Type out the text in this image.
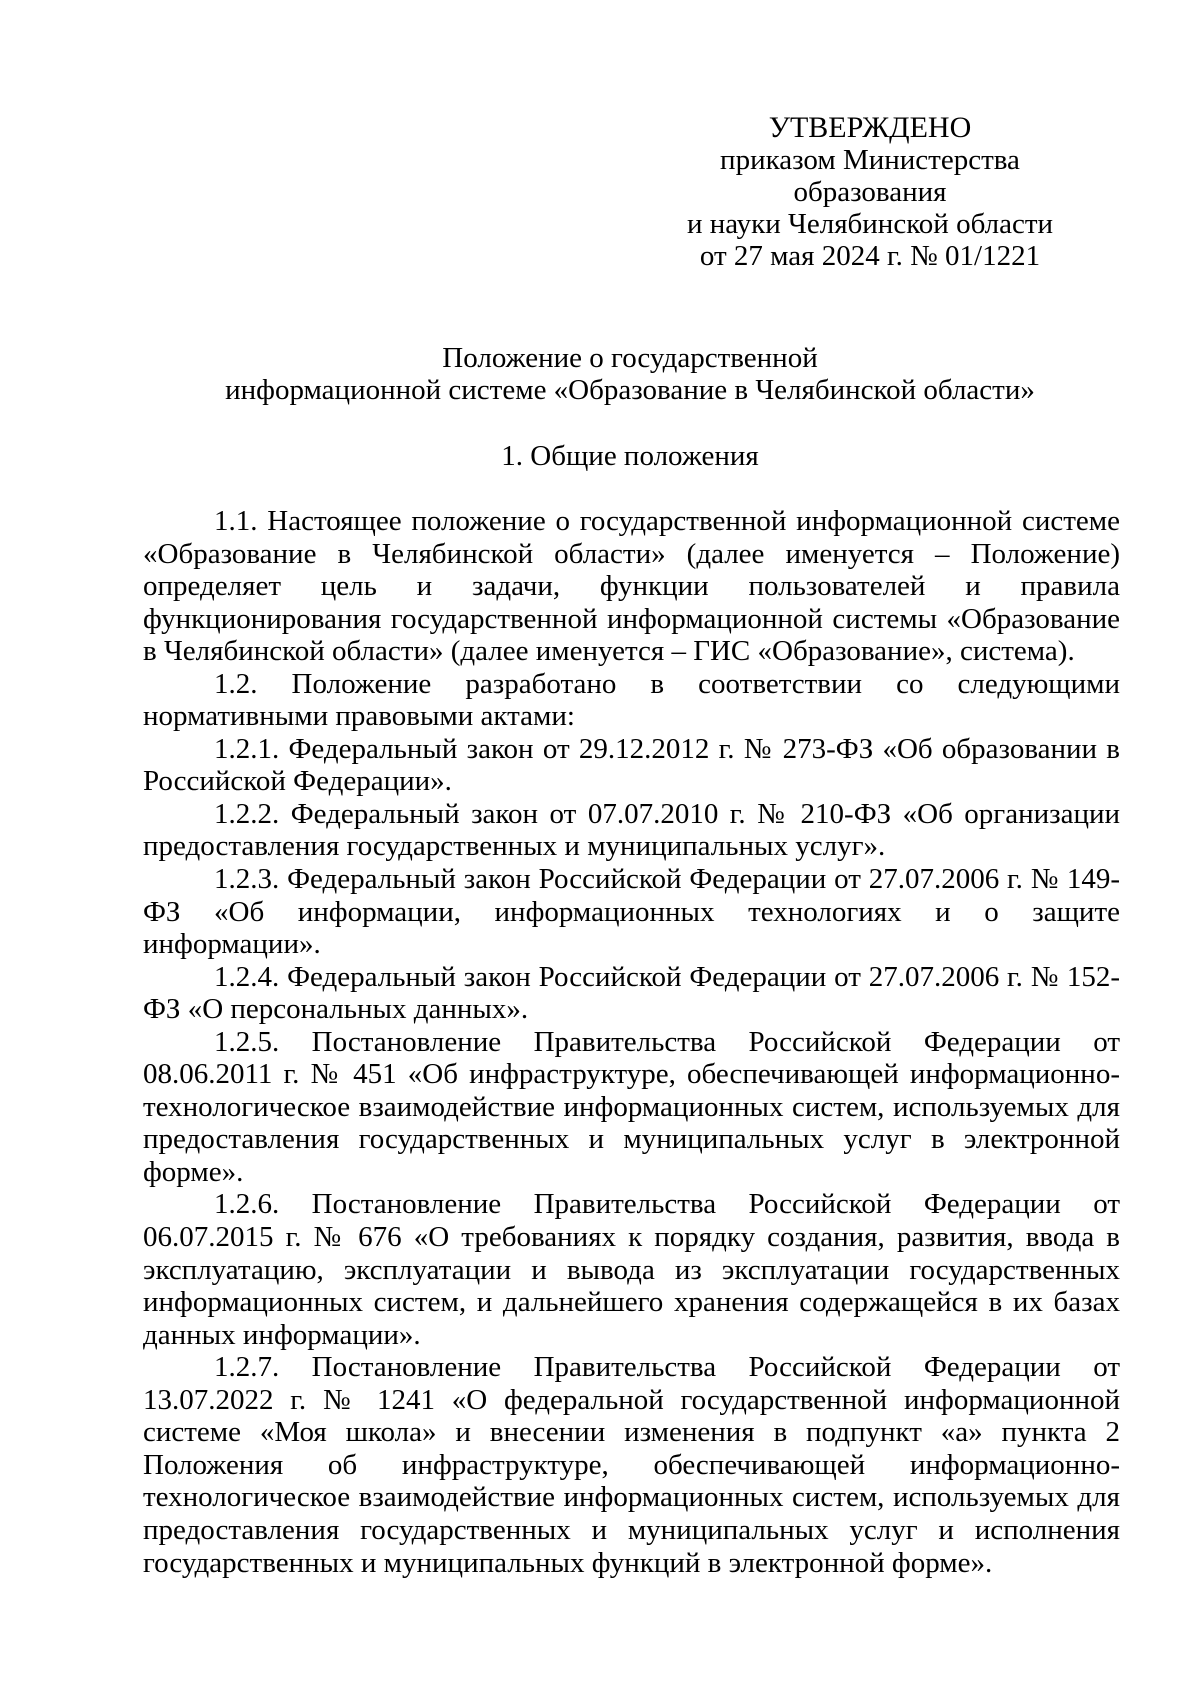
УТВЕРЖДЕНО
приказом Министерства
образования
и науки Челябинской области
от 27 мая 2024 г. № 01/1221
Положение о государственной
информационной системе «Образование в Челябинской области»
1. Общие положения

1.1. Настоящее положение о государственной информационной системе «Образование в Челябинской области» (далее именуется – Положение) определяет цель и задачи, функции пользователей и правила функционирования государственной информационной системы «Образование в Челябинской области» (далее именуется – ГИС «Образование», система).

1.2. Положение разработано в соответствии со следующими нормативными правовыми актами:

1.2.1. Федеральный закон от 29.12.2012 г. № 273-ФЗ «Об образовании в Российской Федерации».

1.2.2. Федеральный закон от 07.07.2010 г. № 210-ФЗ «Об организации предоставления государственных и муниципальных услуг».

1.2.3. Федеральный закон Российской Федерации от 27.07.2006 г. № 149-ФЗ «Об информации, информационных технологиях и о защите информации».

1.2.4. Федеральный закон Российской Федерации от 27.07.2006 г. № 152-ФЗ «О персональных данных».

1.2.5. Постановление Правительства Российской Федерации от 08.06.2011 г. № 451 «Об инфраструктуре, обеспечивающей информационно-технологическое взаимодействие информационных систем, используемых для предоставления государственных и муниципальных услуг в электронной форме».

1.2.6. Постановление Правительства Российской Федерации от 06.07.2015 г. № 676 «О требованиях к порядку создания, развития, ввода в эксплуатацию, эксплуатации и вывода из эксплуатации государственных информационных систем, и дальнейшего хранения содержащейся в их базах данных информации».

1.2.7. Постановление Правительства Российской Федерации от 13.07.2022 г. № 1241 «О федеральной государственной информационной системе «Моя школа» и внесении изменения в подпункт «а» пункта 2 Положения об инфраструктуре, обеспечивающей информационно-технологическое взаимодействие информационных систем, используемых для предоставления государственных и муниципальных услуг и исполнения государственных и муниципальных функций в электронной форме».
